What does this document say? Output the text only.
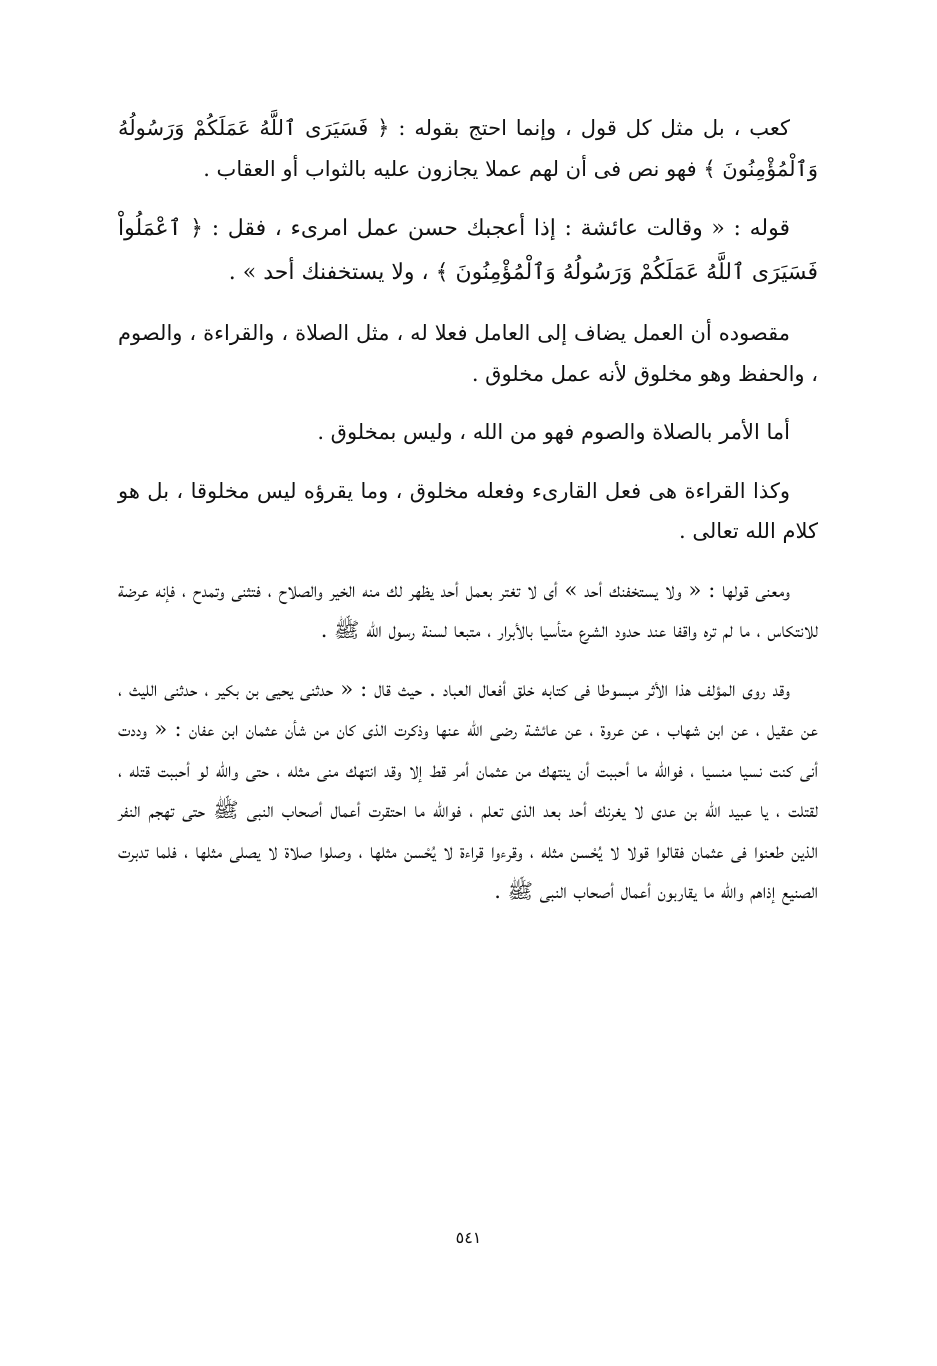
كعب ، بل مثل كل قول ، وإنما احتج بقوله : ﴿ فَسَيَرَى ٱللَّهُ عَمَلَكُمْ وَرَسُولُهُ وَٱلْمُؤْمِنُونَ ﴾ فهو نص فى أن لهم عملا يجازون عليه بالثواب أو العقاب .

قوله : « وقالت عائشة : إذا أعجبك حسن عمل امرىء ، فقل : ﴿ ٱعْمَلُواْ فَسَيَرَى ٱللَّهُ عَمَلَكُمْ وَرَسُولُهُ وَٱلْمُؤْمِنُونَ ﴾ ، ولا يستخفنك أحد » .

مقصوده أن العمل يضاف إلى العامل فعلا له ، مثل الصلاة ، والقراءة ، والصوم ، والحفظ وهو مخلوق لأنه عمل مخلوق .

أما الأمر بالصلاة والصوم فهو من الله ، وليس بمخلوق .

وكذا القراءة هى فعل القارىء وفعله مخلوق ، وما يقرؤه ليس مخلوقا ، بل هو كلام الله تعالى .

ومعنى قولها : « ولا يستخفنك أحد » أى لا تغتر بعمل أحد يظهر لك منه الخير والصلاح ، فتثنى وتمدح ، فإنه عرضة للانتكاس ، ما لم تره واقفا عند حدود الشرع متأسيا بالأبرار ، متبعا لسنة رسول الله ﷺ .

وقد روى المؤلف هذا الأثر مبسوطا فى كتابه خلق أفعال العباد . حيث قال : « حدثنى يحيى بن بكير ، حدثنى الليث ، عن عقيل ، عن ابن شهاب ، عن عروة ، عن عائشة رضى الله عنها وذكرت الذى كان من شأن عثمان ابن عفان : « وددت أنى كنت نسيا منسيا ، فوالله ما أحببت أن ينتهك من عثمان أمر قط إلا وقد انتهك منى مثله ، حتى والله لو أحببت قتله ، لقتلت ، يا عبيد الله بن عدى لا يغرنك أحد بعد الذى تعلم ، فوالله ما احتقرت أعمال أصحاب النبى ﷺ حتى تهجم النفر الذين طعنوا فى عثمان فقالوا قولا لا يُحْسن مثله ، وقرءوا قراءة لا يُحْسن مثلها ، وصلوا صلاة لا يصلى مثلها ، فلما تدبرت الصنيع إذاهم والله ما يقاربون أعمال أصحاب النبى ﷺ .

٥٤١
